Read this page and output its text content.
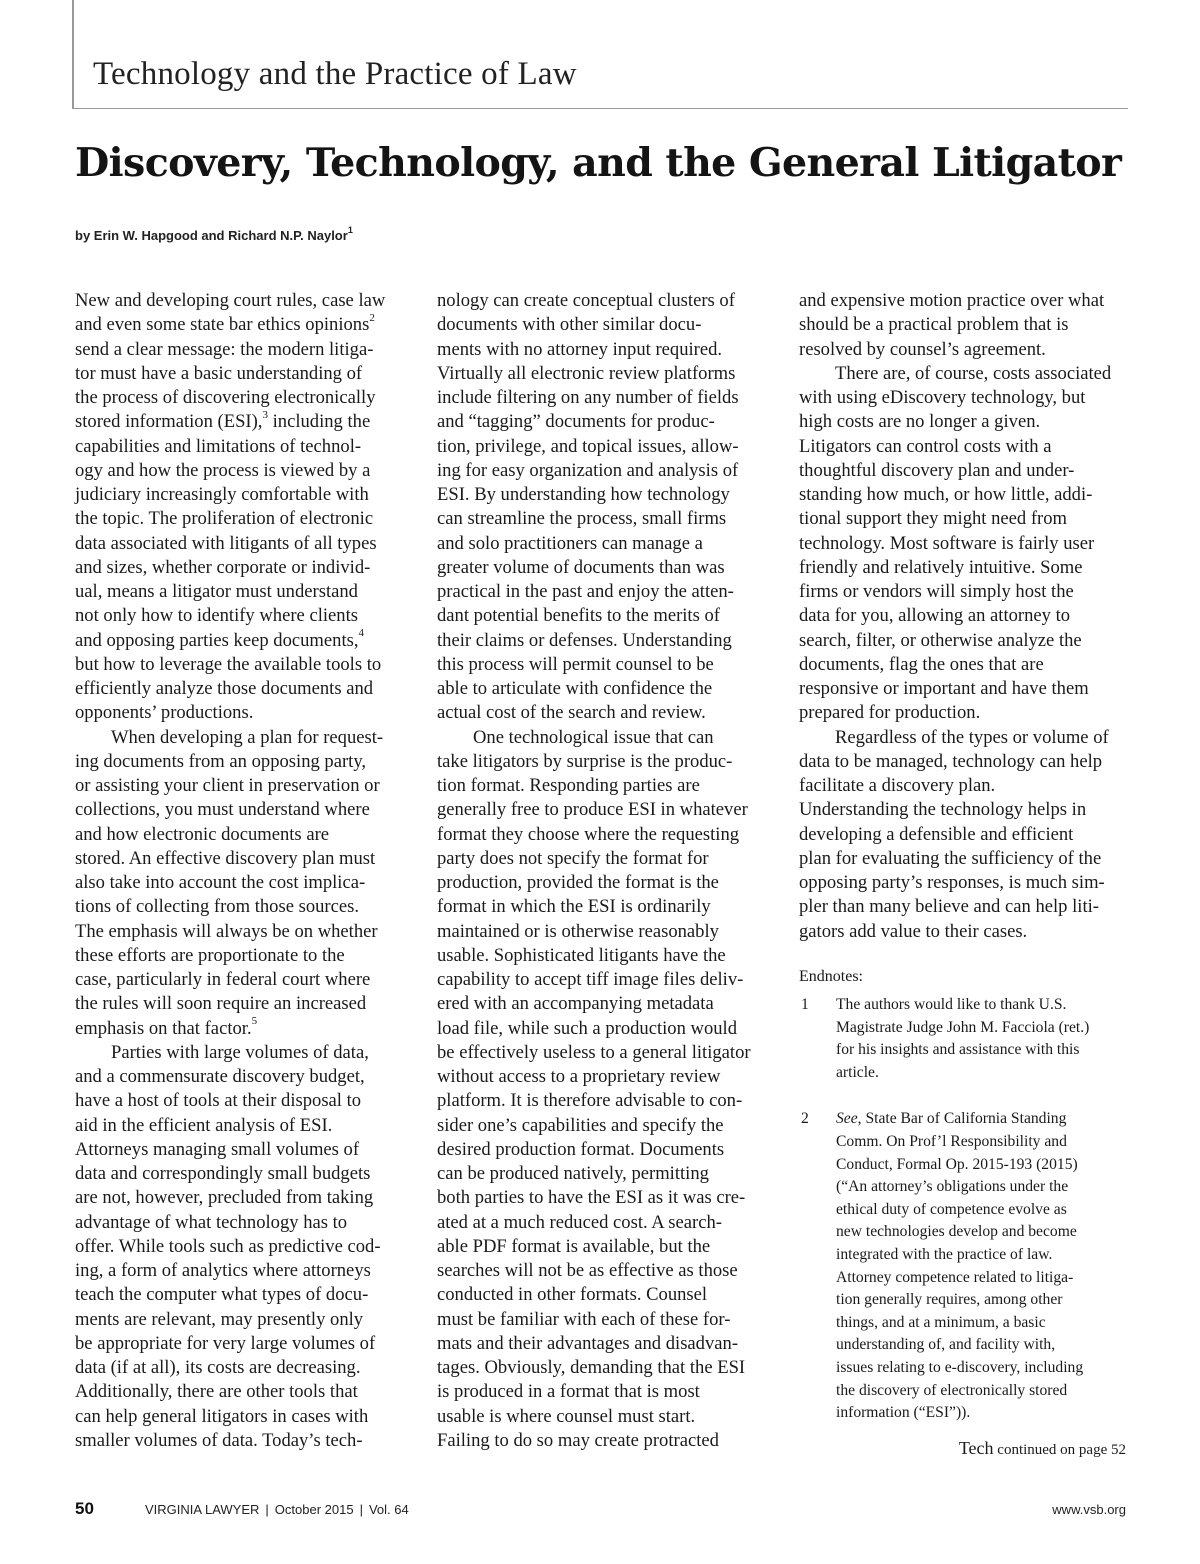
Technology and the Practice of Law
Discovery, Technology, and the General Litigator
by Erin W. Hapgood and Richard N.P. Naylor$^1$
New and developing court rules, case law
and even some state bar ethics opinions$^2$
send a clear message: the modern litiga-
tor must have a basic understanding of
the process of discovering electronically
stored information (ESI),$^3$ including the
capabilities and limitations of technol-
ogy and how the process is viewed by a
judiciary increasingly comfortable with
the topic. The proliferation of electronic
data associated with litigants of all types
and sizes, whether corporate or individ-
ual, means a litigator must understand
not only how to identify where clients
and opposing parties keep documents,$^4$
but how to leverage the available tools to
efficiently analyze those documents and
opponents’ productions.
When developing a plan for request-
ing documents from an opposing party,
or assisting your client in preservation or
collections, you must understand where
and how electronic documents are
stored. An effective discovery plan must
also take into account the cost implica-
tions of collecting from those sources.
The emphasis will always be on whether
these efforts are proportionate to the
case, particularly in federal court where
the rules will soon require an increased
emphasis on that factor.$^5$
Parties with large volumes of data,
and a commensurate discovery budget,
have a host of tools at their disposal to
aid in the efficient analysis of ESI.
Attorneys managing small volumes of
data and correspondingly small budgets
are not, however, precluded from taking
advantage of what technology has to
offer. While tools such as predictive cod-
ing, a form of analytics where attorneys
teach the computer what types of docu-
ments are relevant, may presently only
be appropriate for very large volumes of
data (if at all), its costs are decreasing.
Additionally, there are other tools that
can help general litigators in cases with
smaller volumes of data. Today’s tech-
nology can create conceptual clusters of
documents with other similar docu-
ments with no attorney input required.
Virtually all electronic review platforms
include filtering on any number of fields
and “tagging” documents for produc-
tion, privilege, and topical issues, allow-
ing for easy organization and analysis of
ESI. By understanding how technology
can streamline the process, small firms
and solo practitioners can manage a
greater volume of documents than was
practical in the past and enjoy the atten-
dant potential benefits to the merits of
their claims or defenses. Understanding
this process will permit counsel to be
able to articulate with confidence the
actual cost of the search and review.
One technological issue that can
take litigators by surprise is the produc-
tion format. Responding parties are
generally free to produce ESI in whatever
format they choose where the requesting
party does not specify the format for
production, provided the format is the
format in which the ESI is ordinarily
maintained or is otherwise reasonably
usable. Sophisticated litigants have the
capability to accept tiff image files deliv-
ered with an accompanying metadata
load file, while such a production would
be effectively useless to a general litigator
without access to a proprietary review
platform. It is therefore advisable to con-
sider one’s capabilities and specify the
desired production format. Documents
can be produced natively, permitting
both parties to have the ESI as it was cre-
ated at a much reduced cost. A search-
able PDF format is available, but the
searches will not be as effective as those
conducted in other formats. Counsel
must be familiar with each of these for-
mats and their advantages and disadvan-
tages. Obviously, demanding that the ESI
is produced in a format that is most
usable is where counsel must start.
Failing to do so may create protracted
and expensive motion practice over what
should be a practical problem that is
resolved by counsel’s agreement.
There are, of course, costs associated
with using eDiscovery technology, but
high costs are no longer a given.
Litigators can control costs with a
thoughtful discovery plan and under-
standing how much, or how little, addi-
tional support they might need from
technology. Most software is fairly user
friendly and relatively intuitive. Some
firms or vendors will simply host the
data for you, allowing an attorney to
search, filter, or otherwise analyze the
documents, flag the ones that are
responsive or important and have them
prepared for production.
Regardless of the types or volume of
data to be managed, technology can help
facilitate a discovery plan.
Understanding the technology helps in
developing a defensible and efficient
plan for evaluating the sufficiency of the
opposing party’s responses, is much sim-
pler than many believe and can help liti-
gators add value to their cases.
Endnotes:
1 The authors would like to thank U.S.
Magistrate Judge John M. Facciola (ret.)
for his insights and assistance with this
article.
2 See, State Bar of California Standing
Comm. On Prof’l Responsibility and
Conduct, Formal Op. 2015-193 (2015)
(“An attorney’s obligations under the
ethical duty of competence evolve as
new technologies develop and become
integrated with the practice of law.
Attorney competence related to litiga-
tion generally requires, among other
things, and at a minimum, a basic
understanding of, and facility with,
issues relating to e-discovery, including
the discovery of electronically stored
information (“ESI”)).
Tech continued on page 52
50	VIRGINIA LAWYER | October 2015 | Vol. 64	www.vsb.org
